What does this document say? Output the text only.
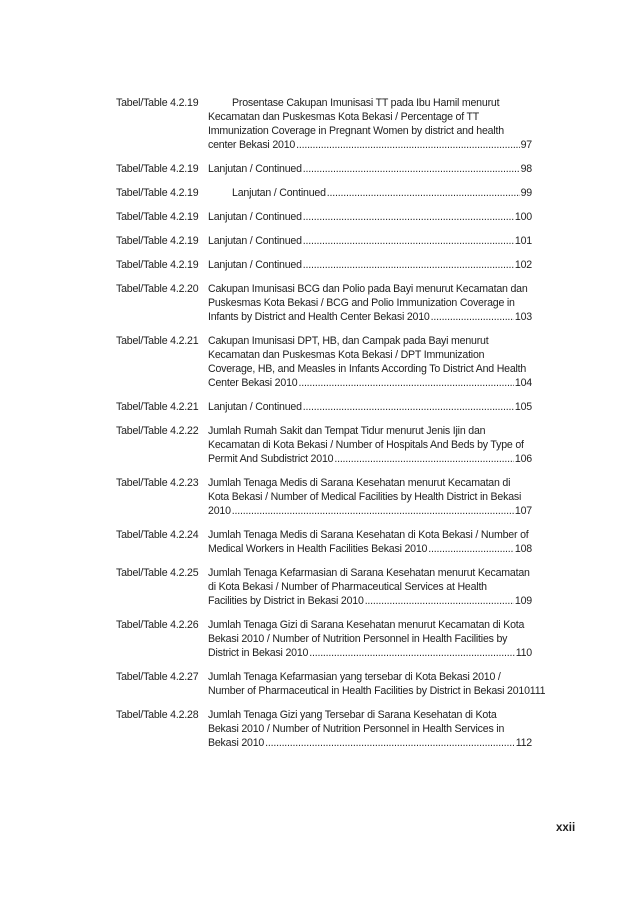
Tabel/Table 4.2.19	Prosentase Cakupan Imunisasi TT pada Ibu Hamil menurut
Kecamatan dan Puskesmas Kota Bekasi / Percentage of TT
Immunization Coverage in Pregnant Women by district and health
center Bekasi 2010 .....	97
Tabel/Table 4.2.19 Lanjutan / Continued .....	98
Tabel/Table 4.2.19	Lanjutan / Continued .....	99
Tabel/Table 4.2.19 Lanjutan / Continued .....	100
Tabel/Table 4.2.19 Lanjutan / Continued .....	101
Tabel/Table 4.2.19 Lanjutan / Continued .....	102
Tabel/Table 4.2.20 Cakupan Imunisasi BCG dan Polio pada Bayi menurut Kecamatan dan
Puskesmas Kota Bekasi / BCG and Polio Immunization Coverage in
Infants by District and Health Center Bekasi 2010 .....	103
Tabel/Table 4.2.21 Cakupan Imunisasi DPT, HB, dan Campak pada Bayi menurut
Kecamatan dan Puskesmas Kota Bekasi / DPT Immunization
Coverage, HB, and Measles in Infants According To District And Health
Center Bekasi 2010 .....	104
Tabel/Table 4.2.21 Lanjutan / Continued .....	105
Tabel/Table 4.2.22 Jumlah Rumah Sakit dan Tempat Tidur menurut Jenis Ijin dan
Kecamatan di Kota Bekasi / Number of Hospitals And Beds by Type of
Permit And Subdistrict 2010 .....	106
Tabel/Table 4.2.23 Jumlah Tenaga Medis di Sarana Kesehatan menurut Kecamatan di
Kota Bekasi / Number of Medical Facilities by Health District in Bekasi
2010 .....	107
Tabel/Table 4.2.24 Jumlah Tenaga Medis di Sarana Kesehatan di Kota Bekasi / Number of
Medical Workers in Health Facilities Bekasi 2010 .....	108
Tabel/Table 4.2.25 Jumlah Tenaga Kefarmasian di Sarana Kesehatan menurut Kecamatan
di Kota Bekasi / Number of Pharmaceutical Services at Health
Facilities by District in Bekasi 2010 .....	109
Tabel/Table 4.2.26 Jumlah Tenaga Gizi di Sarana Kesehatan menurut Kecamatan di Kota
Bekasi 2010 / Number of Nutrition Personnel in Health Facilities by
District in Bekasi 2010 .....	110
Tabel/Table 4.2.27 Jumlah Tenaga Kefarmasian yang tersebar di Kota Bekasi 2010 /
Number of Pharmaceutical in Health Facilities by District in Bekasi 2010 111
Tabel/Table 4.2.28 Jumlah Tenaga Gizi yang Tersebar di Sarana Kesehatan di Kota
Bekasi 2010 / Number of Nutrition Personnel in Health Services in
Bekasi 2010 .....	112
xxii
